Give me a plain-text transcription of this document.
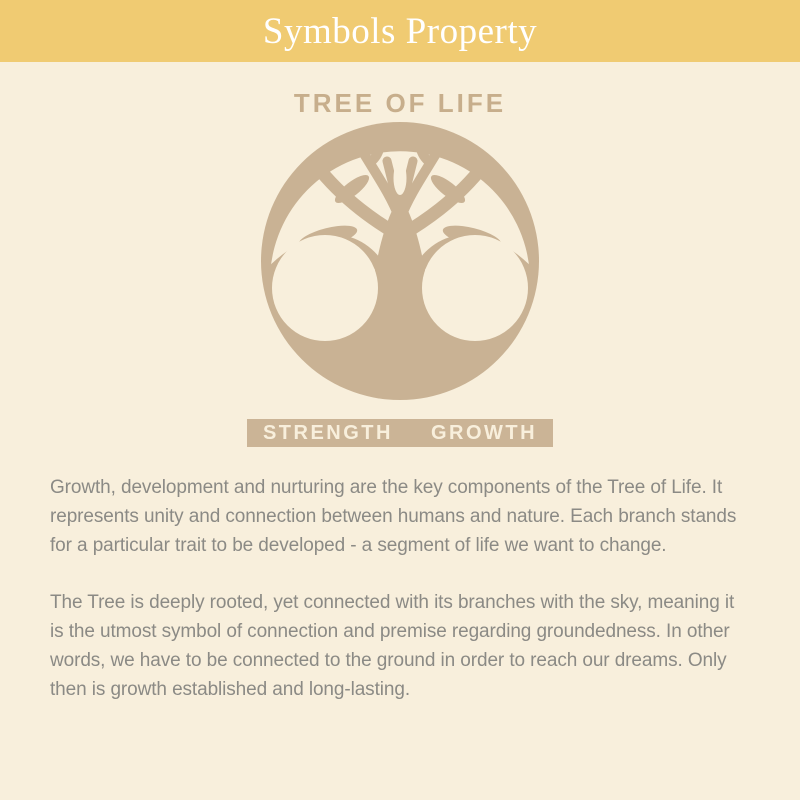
Symbols Property
TREE OF LIFE
STRENGTH GROWTH

Growth, development and nurturing are the key components of the Tree of Life. It represents unity and connection between humans and nature. Each branch stands for a particular trait to be developed - a segment of life we want to change.

The Tree is deeply rooted, yet connected with its branches with the sky, meaning it is the utmost symbol of connection and premise regarding groundedness. In other words, we have to be connected to the ground in order to reach our dreams. Only then is growth established and long-lasting.
